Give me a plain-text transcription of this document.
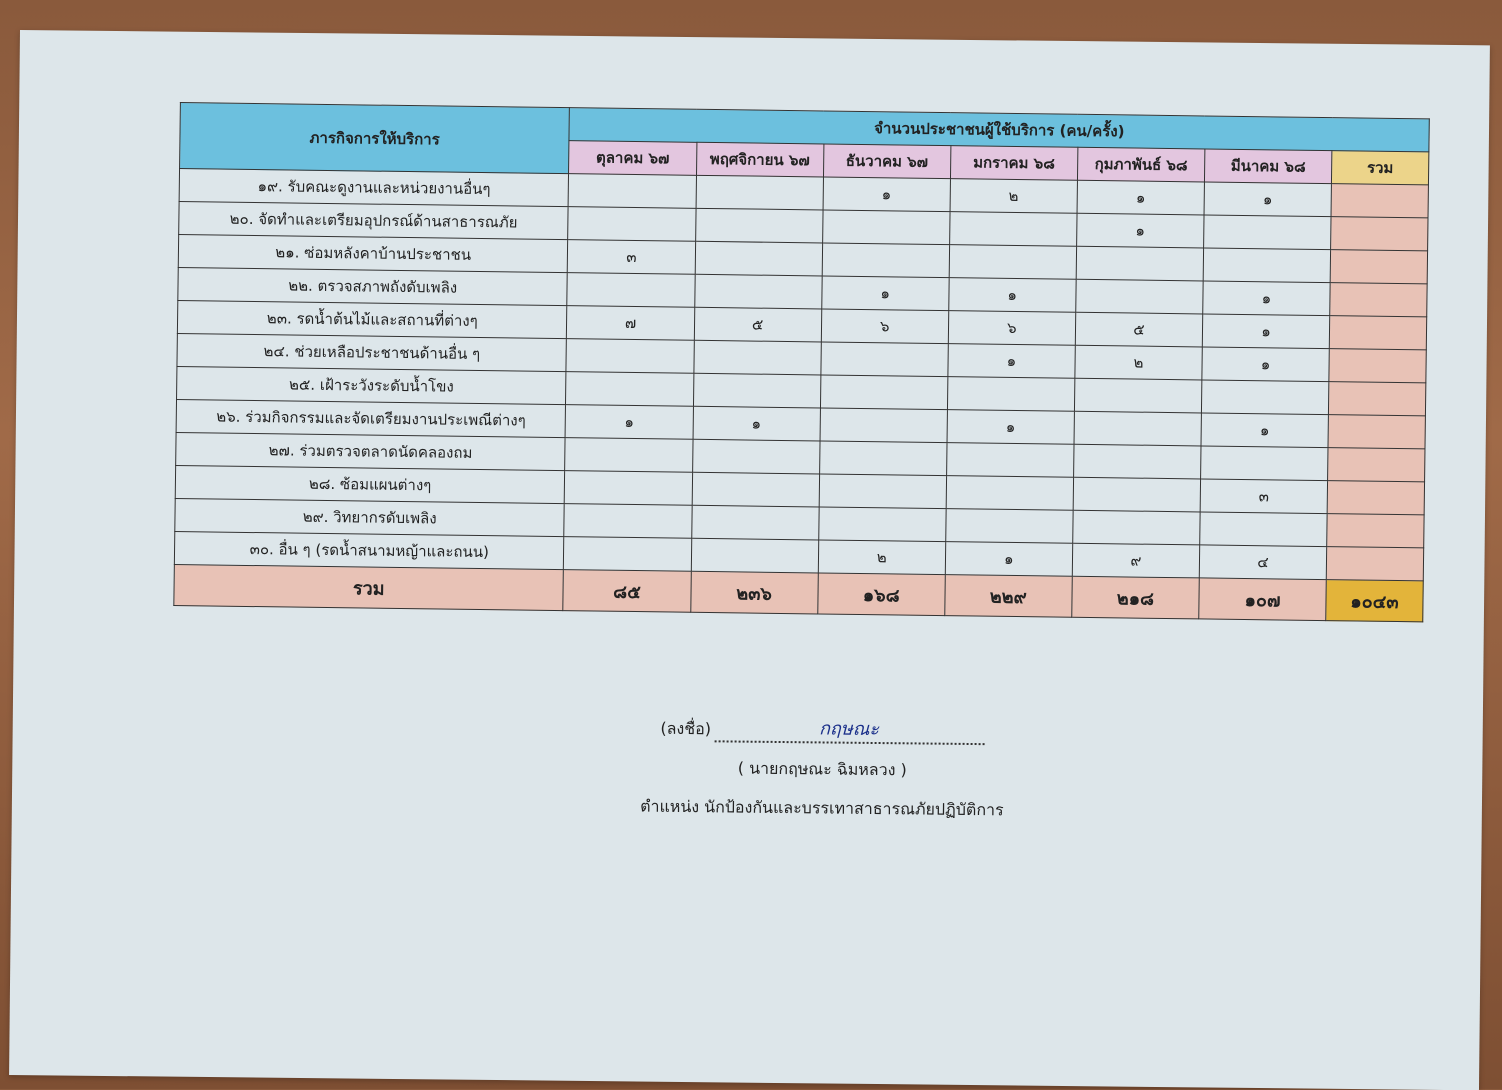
ภารกิจการให้บริการ	จำนวนประชาชนผู้ใช้บริการ (คน/ครั้ง)						
	ตุลาคม ๖๗	พฤศจิกายน ๖๗	ธันวาคม ๖๗	มกราคม ๖๘	กุมภาพันธ์ ๖๘	มีนาคม ๖๘	รวม
๑๙. รับคณะดูงานและหน่วยงานอื่นๆ			๑	๒	๑	๑	
๒๐. จัดทำและเตรียมอุปกรณ์ด้านสาธารณภัย					๑		
๒๑. ซ่อมหลังคาบ้านประชาชน	๓						
๒๒. ตรวจสภาพถังดับเพลิง			๑	๑		๑	
๒๓. รดน้ำต้นไม้และสถานที่ต่างๆ	๗	๕	๖	๖	๕	๑	
๒๔. ช่วยเหลือประชาชนด้านอื่น ๆ				๑	๒	๑	
๒๕. เฝ้าระวังระดับน้ำโขง							
๒๖. ร่วมกิจกรรมและจัดเตรียมงานประเพณีต่างๆ	๑	๑		๑		๑	
๒๗. ร่วมตรวจตลาดนัดคลองถม							
๒๘. ซ้อมแผนต่างๆ						๓	
๒๙. วิทยากรดับเพลิง							
๓๐. อื่น ๆ (รดน้ำสนามหญ้าและถนน)			๒	๑	๙	๔	
รวม	๘๕	๒๓๖	๑๖๘	๒๒๙	๒๑๘	๑๐๗	๑๐๔๓
(ลงชื่อ)	กฤษณะ
( นายกฤษณะ ฉิมหลวง )
ตำแหน่ง นักป้องกันและบรรเทาสาธารณภัยปฏิบัติการ
